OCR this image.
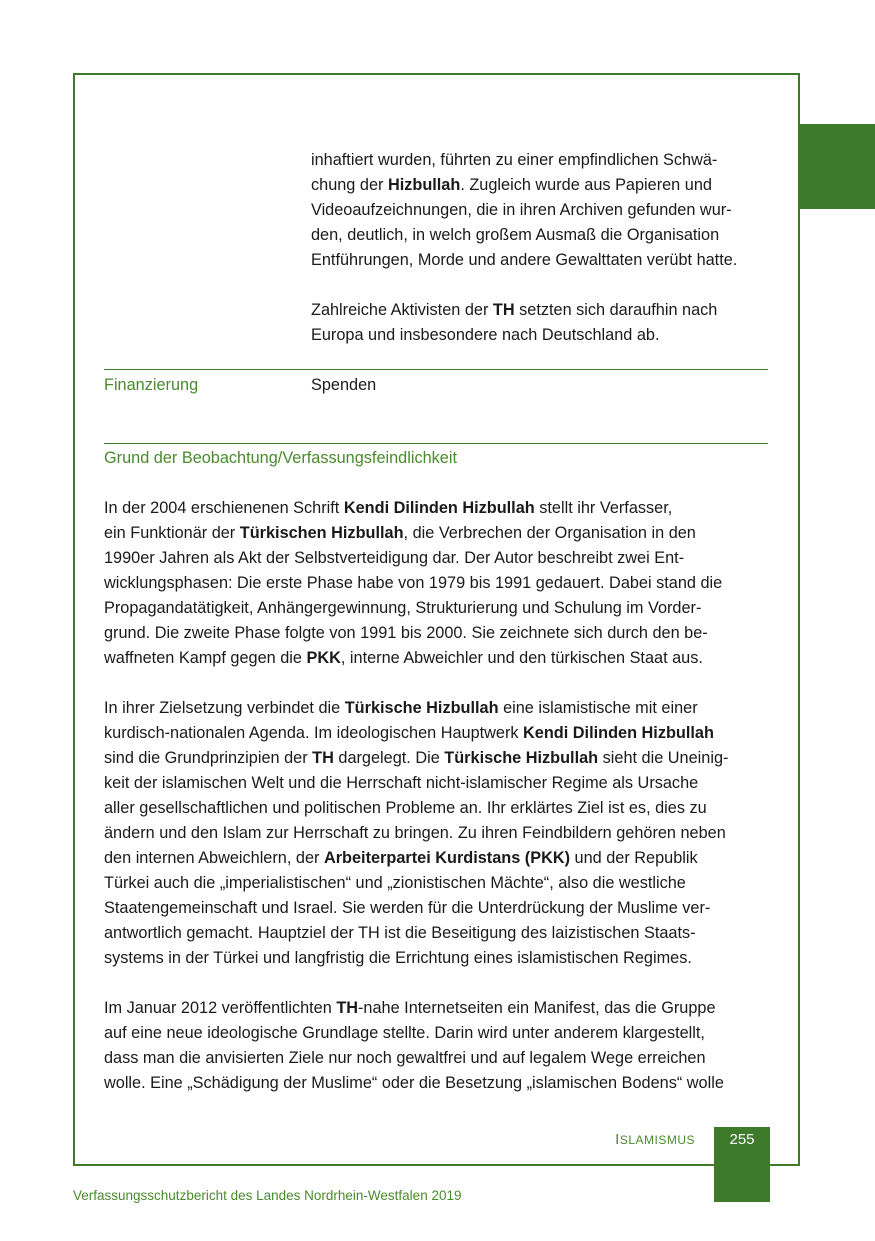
inhaftiert wurden, führten zu einer empfindlichen Schwä-
chung der Hizbullah. Zugleich wurde aus Papieren und
Videoaufzeichnungen, die in ihren Archiven gefunden wur-
den, deutlich, in welch großem Ausmaß die Organisation
Entführungen, Morde und andere Gewalttaten verübt hatte.
Zahlreiche Aktivisten der TH setzten sich daraufhin nach
Europa und insbesondere nach Deutschland ab.

Finanzierung	Spenden

Grund der Beobachtung/Verfassungsfeindlichkeit

In der 2004 erschienenen Schrift Kendi Dilinden Hizbullah stellt ihr Verfasser,
ein Funktionär der Türkischen Hizbullah, die Verbrechen der Organisation in den
1990er Jahren als Akt der Selbstverteidigung dar. Der Autor beschreibt zwei Ent-
wicklungsphasen: Die erste Phase habe von 1979 bis 1991 gedauert. Dabei stand die
Propagandatätigkeit, Anhängergewinnung, Strukturierung und Schulung im Vorder-
grund. Die zweite Phase folgte von 1991 bis 2000. Sie zeichnete sich durch den be-
waffneten Kampf gegen die PKK, interne Abweichler und den türkischen Staat aus.
In ihrer Zielsetzung verbindet die Türkische Hizbullah eine islamistische mit einer
kurdisch-nationalen Agenda. Im ideologischen Hauptwerk Kendi Dilinden Hizbullah
sind die Grundprinzipien der TH dargelegt. Die Türkische Hizbullah sieht die Uneinig-
keit der islamischen Welt und die Herrschaft nicht-islamischer Regime als Ursache
aller gesellschaftlichen und politischen Probleme an. Ihr erklärtes Ziel ist es, dies zu
ändern und den Islam zur Herrschaft zu bringen. Zu ihren Feindbildern gehören neben
den internen Abweichlern, der Arbeiterpartei Kurdistans (PKK) und der Republik
Türkei auch die „imperialistischen“ und „zionistischen Mächte“, also die westliche
Staatengemeinschaft und Israel. Sie werden für die Unterdrückung der Muslime ver-
antwortlich gemacht. Hauptziel der TH ist die Beseitigung des laizistischen Staats-
systems in der Türkei und langfristig die Errichtung eines islamistischen Regimes.
Im Januar 2012 veröffentlichten TH-nahe Internetseiten ein Manifest, das die Gruppe
auf eine neue ideologische Grundlage stellte. Darin wird unter anderem klargestellt,
dass man die anvisierten Ziele nur noch gewaltfrei und auf legalem Wege erreichen
wolle. Eine „Schädigung der Muslime“ oder die Besetzung „islamischen Bodens“ wolle
ISLAMISMUS	255
Verfassungsschutzbericht des Landes Nordrhein-Westfalen 2019
